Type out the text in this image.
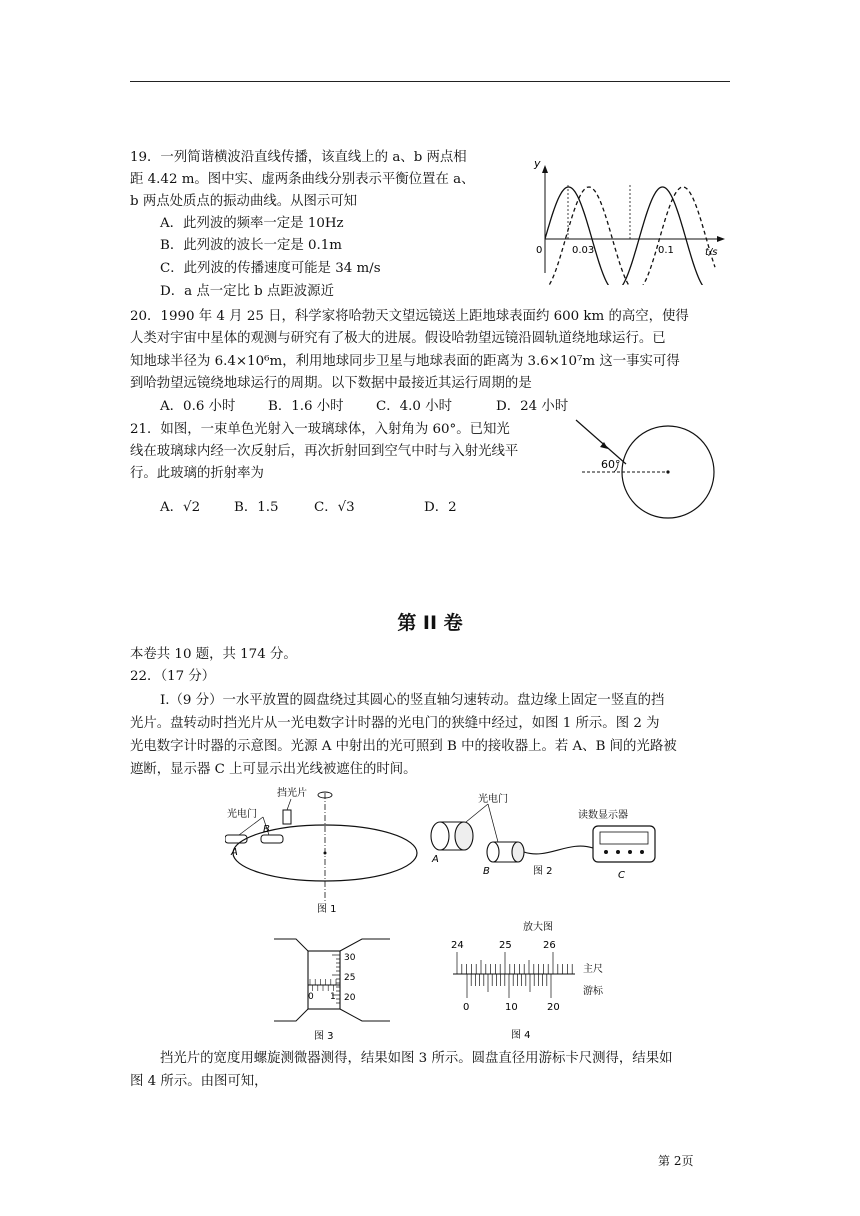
19．一列简谐横波沿直线传播，该直线上的 a、b 两点相
距 4.42 m。图中实、虚两条曲线分别表示平衡位置在 a、
b 两点处质点的振动曲线。从图示可知
A．此列波的频率一定是 10Hz
B．此列波的波长一定是 0.1m
C．此列波的传播速度可能是 34 m/s
D．a 点一定比 b 点距波源近
y
t/s
0	0.03	0.1
20．1990 年 4 月 25 日，科学家将哈勃天文望远镜送上距地球表面约 600 km 的高空，使得
人类对宇宙中星体的观测与研究有了极大的进展。假设哈勃望远镜沿圆轨道绕地球运行。已
知地球半径为 6.4×10⁶m，利用地球同步卫星与地球表面的距离为 3.6×10⁷m 这一事实可得
到哈勃望远镜绕地球运行的周期。以下数据中最接近其运行周期的是
A．0.6 小时 B．1.6 小时 C．4.0 小时	D．24 小时
21．如图，一束单色光射入一玻璃球体，入射角为 60°。已知光
线在玻璃球内经一次反射后，再次折射回到空气中时与入射光线平
行。此玻璃的折射率为
A．√2	B．1.5	C．√3	D．2
60°
第 II 卷
本卷共 10 题，共 174 分。
22．（17 分）
I.（9 分）一水平放置的圆盘绕过其圆心的竖直轴匀速转动。盘边缘上固定一竖直的挡
光片。盘转动时挡光片从一光电数字计时器的光电门的狭缝中经过，如图 1 所示。图 2 为
光电数字计时器的示意图。光源 A 中射出的光可照到 B 中的接收器上。若 A、B 间的光路被
遮断，显示器 C 上可显示出光线被遮住的时间。
挡光片
光电门
A
B
图 1
光电门
读数显示器
A
B	C
图 2
30
25
20
0 1
图 3
放大图
24	25	26
主尺
游标
0	10	20
图 4
挡光片的宽度用螺旋测微器测得，结果如图 3 所示。圆盘直径用游标卡尺测得，结果如
图 4 所示。由图可知，
第 2页
